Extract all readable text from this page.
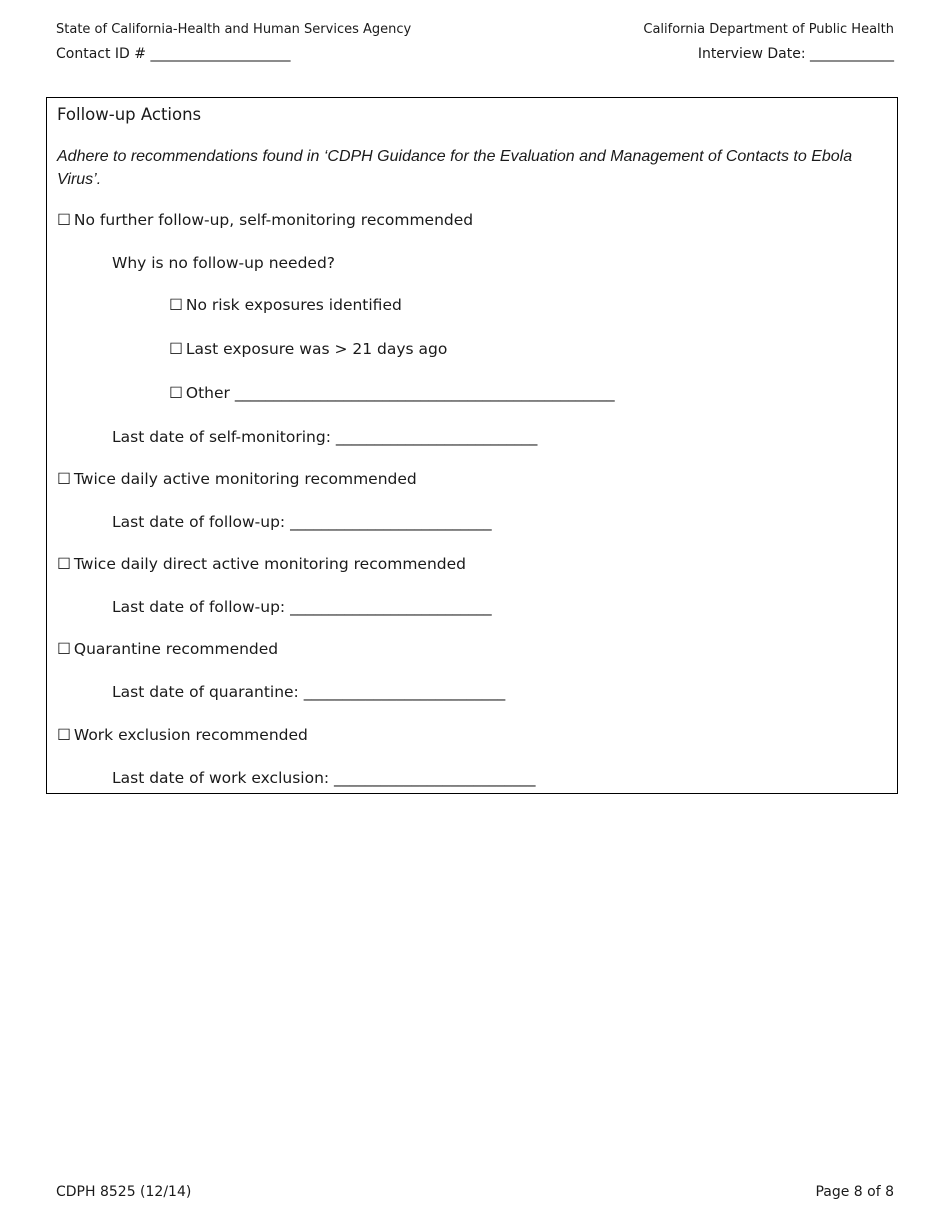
State of California-Health and Human Services Agency	California Department of Public Health
Contact ID # ____________________	Interview Date: ____________
Follow-up Actions
Adhere to recommendations found in ‘CDPH Guidance for the Evaluation and Management of Contacts to Ebola Virus’.
☐ No further follow-up, self-monitoring recommended
Why is no follow-up needed?
☐ No risk exposures identified
☐ Last exposure was > 21 days ago
☐ Other _________________________________________________
Last date of self-monitoring: __________________________
☐ Twice daily active monitoring recommended
Last date of follow-up: __________________________
☐ Twice daily direct active monitoring recommended
Last date of follow-up: __________________________
☐ Quarantine recommended
Last date of quarantine: __________________________
☐ Work exclusion recommended
Last date of work exclusion: __________________________
CDPH 8525 (12/14)	Page 8 of 8
